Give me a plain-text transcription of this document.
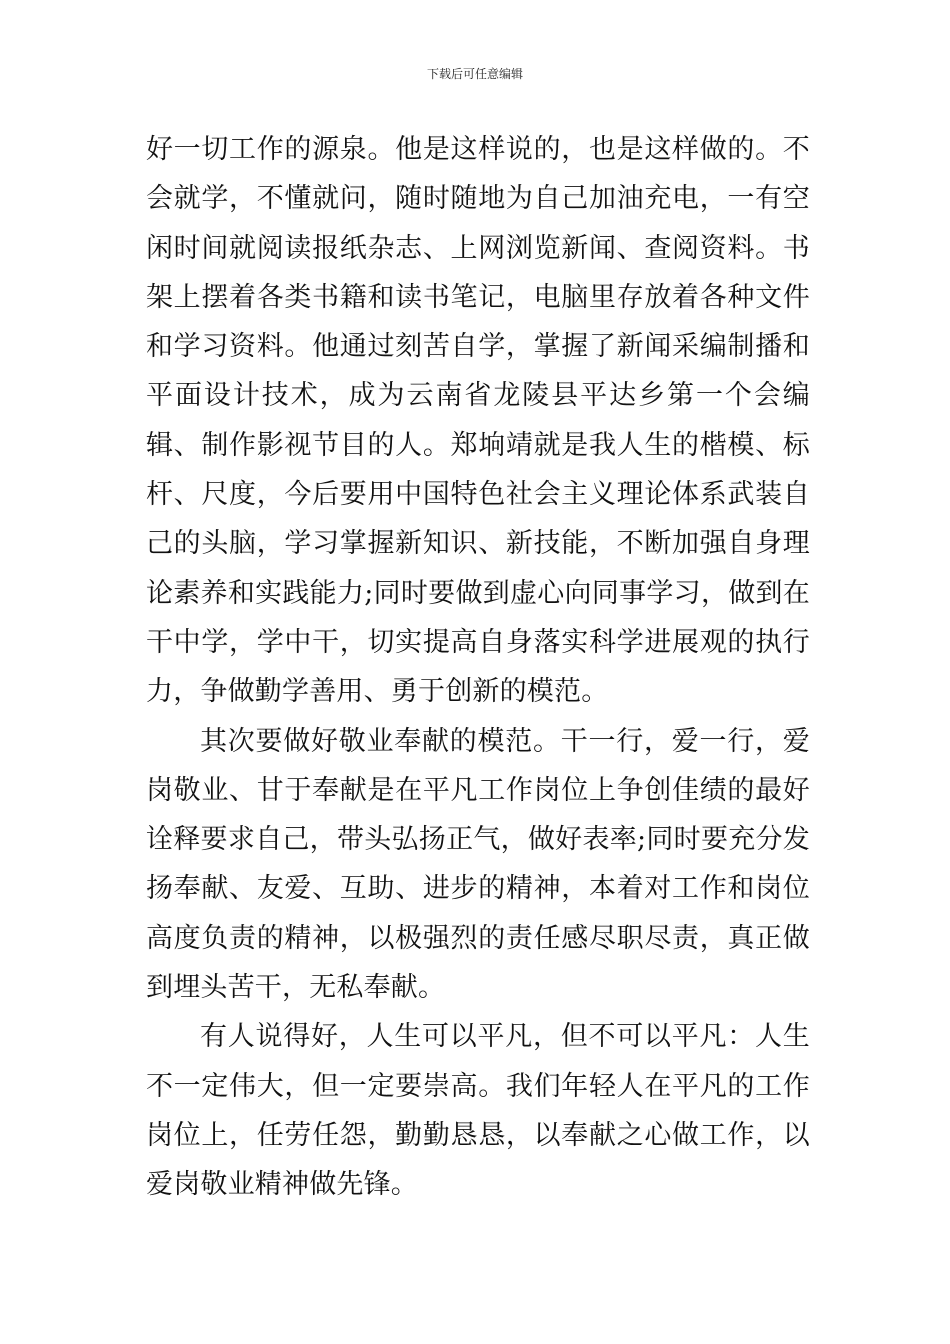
下载后可任意编辑

好一切工作的源泉。他是这样说的，也是这样做的。不会就学，不懂就问，随时随地为自己加油充电，一有空闲时间就阅读报纸杂志、上网浏览新闻、查阅资料。书架上摆着各类书籍和读书笔记，电脑里存放着各种文件和学习资料。他通过刻苦自学，掌握了新闻采编制播和平面设计技术，成为云南省龙陵县平达乡第一个会编辑、制作影视节目的人。郑垧靖就是我人生的楷模、标杆、尺度，今后要用中国特色社会主义理论体系武装自己的头脑，学习掌握新知识、新技能，不断加强自身理论素养和实践能力;同时要做到虚心向同事学习，做到在干中学，学中干，切实提高自身落实科学进展观的执行力，争做勤学善用、勇于创新的模范。

其次要做好敬业奉献的模范。干一行，爱一行，爱岗敬业、甘于奉献是在平凡工作岗位上争创佳绩的最好诠释要求自己，带头弘扬正气，做好表率;同时要充分发扬奉献、友爱、互助、进步的精神，本着对工作和岗位高度负责的精神，以极强烈的责任感尽职尽责，真正做到埋头苦干，无私奉献。

有人说得好，人生可以平凡，但不可以平凡：人生不一定伟大，但一定要崇高。我们年轻人在平凡的工作岗位上，任劳任怨，勤勤恳恳，以奉献之心做工作，以爱岗敬业精神做先锋。
